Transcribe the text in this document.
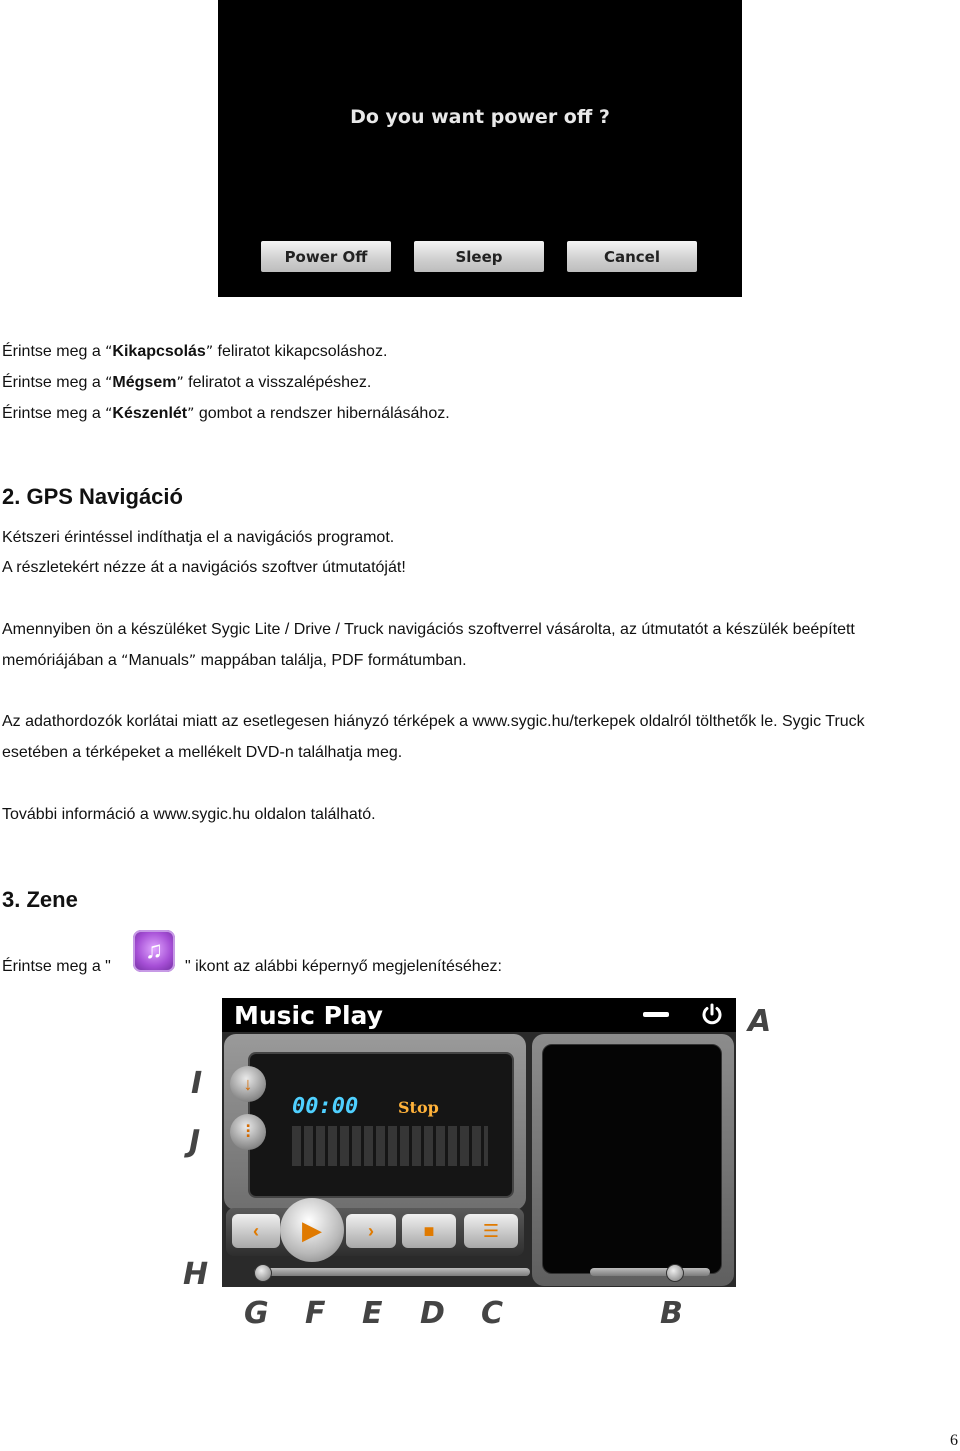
Do you want power off ?
Power Off	Sleep	Cancel
Érintse meg a “Kikapcsolás” feliratot kikapcsoláshoz.
Érintse meg a “Mégsem” feliratot a visszalépéshez.
Érintse meg a “Készenlét” gombot a rendszer hibernálásához.
2. GPS Navigáció
Kétszeri érintéssel indíthatja el a navigációs programot.
A részletekért nézze át a navigációs szoftver útmutatóját!
Amennyiben ön a készüléket Sygic Lite / Drive / Truck navigációs szoftverrel vásárolta, az útmutatót a készülék beépített
memóriájában a “Manuals” mappában találja, PDF formátumban.
Az adathordozók korlátai miatt az esetlegesen hiányzó térképek a www.sygic.hu/terkepek oldalról tölthetők le. Sygic Truck
esetében a térképeket a mellékelt DVD-n találhatja meg.
További információ a www.sygic.hu oldalon található.
3. Zene
Érintse meg a "
♫
" ikont az alábbi képernyő megjelenítéséhez:
Music Play
00:00 Stop
↓
⫶
‹	▶	›	■	☰
A
I
J
H
G F E D C	B
6
